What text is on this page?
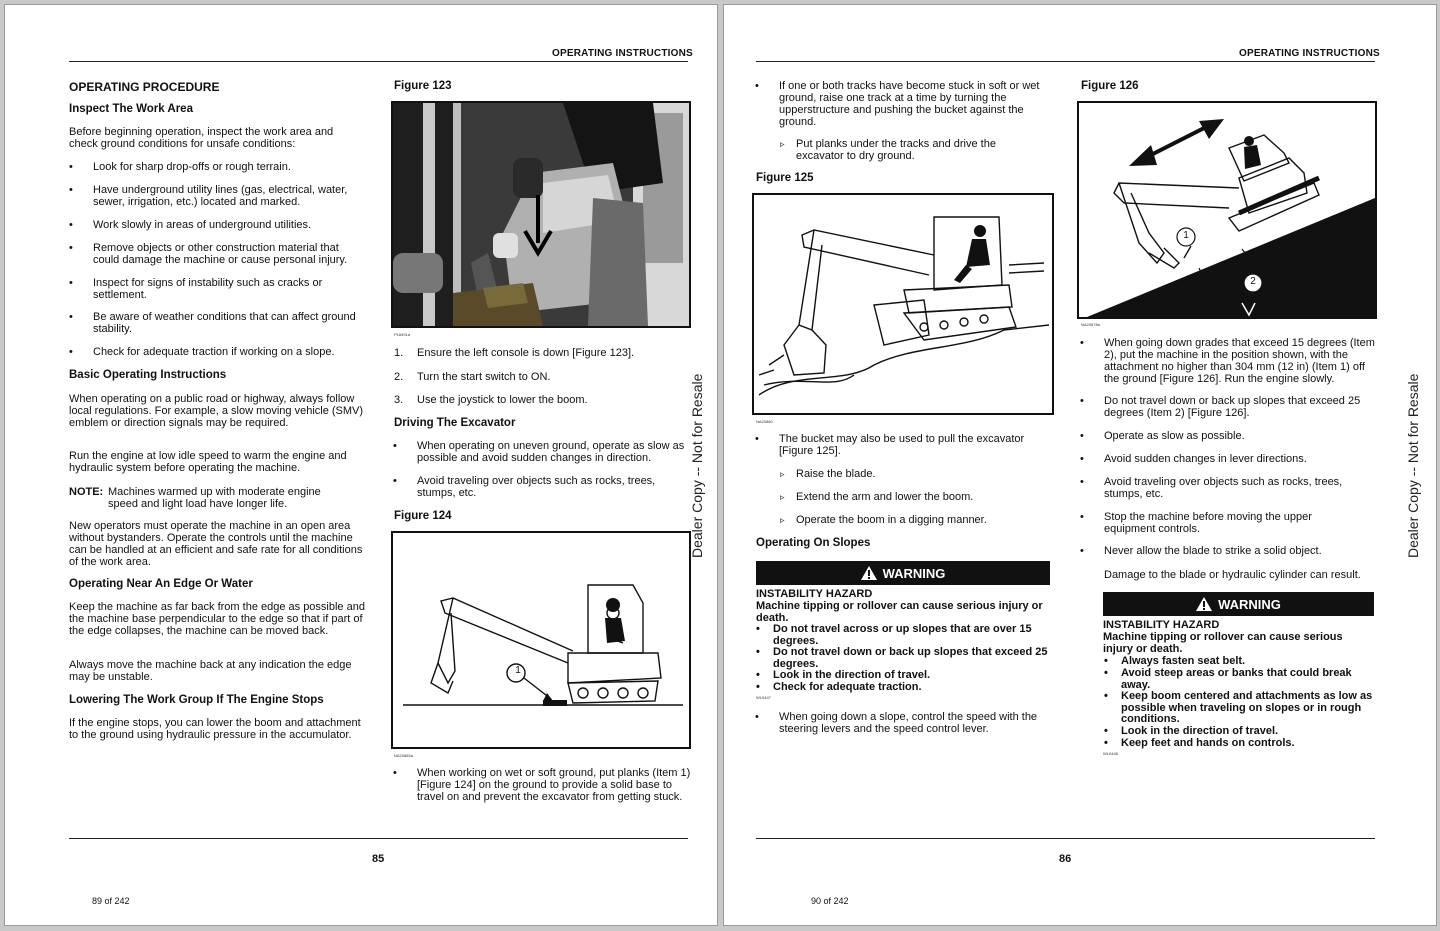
OPERATING INSTRUCTIONS
OPERATING PROCEDURE
Inspect The Work Area
Before beginning operation, inspect the work area and check ground conditions for unsafe conditions:
• Look for sharp drop-offs or rough terrain.
• Have underground utility lines (gas, electrical, water, sewer, irrigation, etc.) located and marked.
• Work slowly in areas of underground utilities.
• Remove objects or other construction material that could damage the machine or cause personal injury.
• Inspect for signs of instability such as cracks or settlement.
• Be aware of weather conditions that can affect ground stability.
• Check for adequate traction if working on a slope.
Basic Operating Instructions
When operating on a public road or highway, always follow local regulations. For example, a slow moving vehicle (SMV) emblem or direction signals may be required.
Run the engine at low idle speed to warm the engine and hydraulic system before operating the machine.
NOTE: Machines warmed up with moderate engine speed and light load have longer life.
New operators must operate the machine in an open area without bystanders. Operate the controls until the machine can be handled at an efficient and safe rate for all conditions of the work area.
Operating Near An Edge Or Water
Keep the machine as far back from the edge as possible and the machine base perpendicular to the edge so that if part of the edge collapses, the machine can be moved back.
Always move the machine back at any indication the edge may be unstable.
Lowering The Work Group If The Engine Stops
If the engine stops, you can lower the boom and attachment to the ground using hydraulic pressure in the accumulator.
Figure 123
P18491a
1. Ensure the left console is down [Figure 123].
2. Turn the start switch to ON.
3. Use the joystick to lower the boom.
Driving The Excavator
• When operating on uneven ground, operate as slow as possible and avoid sudden changes in direction.
• Avoid traveling over objects such as rocks, trees, stumps, etc.
Figure 124
1
NA20884a
• When working on wet or soft ground, put planks (Item 1) [Figure 124] on the ground to provide a solid base to travel on and prevent the excavator from getting stuck.
Dealer Copy -- Not for Resale
85
89 of 242
OPERATING INSTRUCTIONS
• If one or both tracks have become stuck in soft or wet ground, raise one track at a time by turning the upperstructure and pushing the bucket against the ground.
▹ Put planks under the tracks and drive the excavator to dry ground.
Figure 125
NA20880
• The bucket may also be used to pull the excavator [Figure 125].
▹ Raise the blade.
▹ Extend the arm and lower the boom.
▹ Operate the boom in a digging manner.
Operating On Slopes
WARNING
INSTABILITY HAZARD
Machine tipping or rollover can cause serious injury or death.
• Do not travel across or up slopes that are over 15 degrees.
• Do not travel down or back up slopes that exceed 25 degrees.
• Look in the direction of travel.
• Check for adequate traction.
WL0447
• When going down a slope, control the speed with the steering levers and the speed control lever.
Figure 126
1
2
NA20878a
• When going down grades that exceed 15 degrees (Item 2), put the machine in the position shown, with the attachment no higher than 304 mm (12 in) (Item 1) off the ground [Figure 126]. Run the engine slowly.
• Do not travel down or back up slopes that exceed 25 degrees (Item 2) [Figure 126].
• Operate as slow as possible.
• Avoid sudden changes in lever directions.
• Avoid traveling over objects such as rocks, trees, stumps, etc.
• Stop the machine before moving the upper equipment controls.
• Never allow the blade to strike a solid object.
Damage to the blade or hydraulic cylinder can result.
WARNING
INSTABILITY HAZARD
Machine tipping or rollover can cause serious injury or death.
• Always fasten seat belt.
• Avoid steep areas or banks that could break away.
• Keep boom centered and attachments as low as possible when traveling on slopes or in rough conditions.
• Look in the direction of travel.
• Keep feet and hands on controls.
WL0448
Dealer Copy -- Not for Resale
86
90 of 242
